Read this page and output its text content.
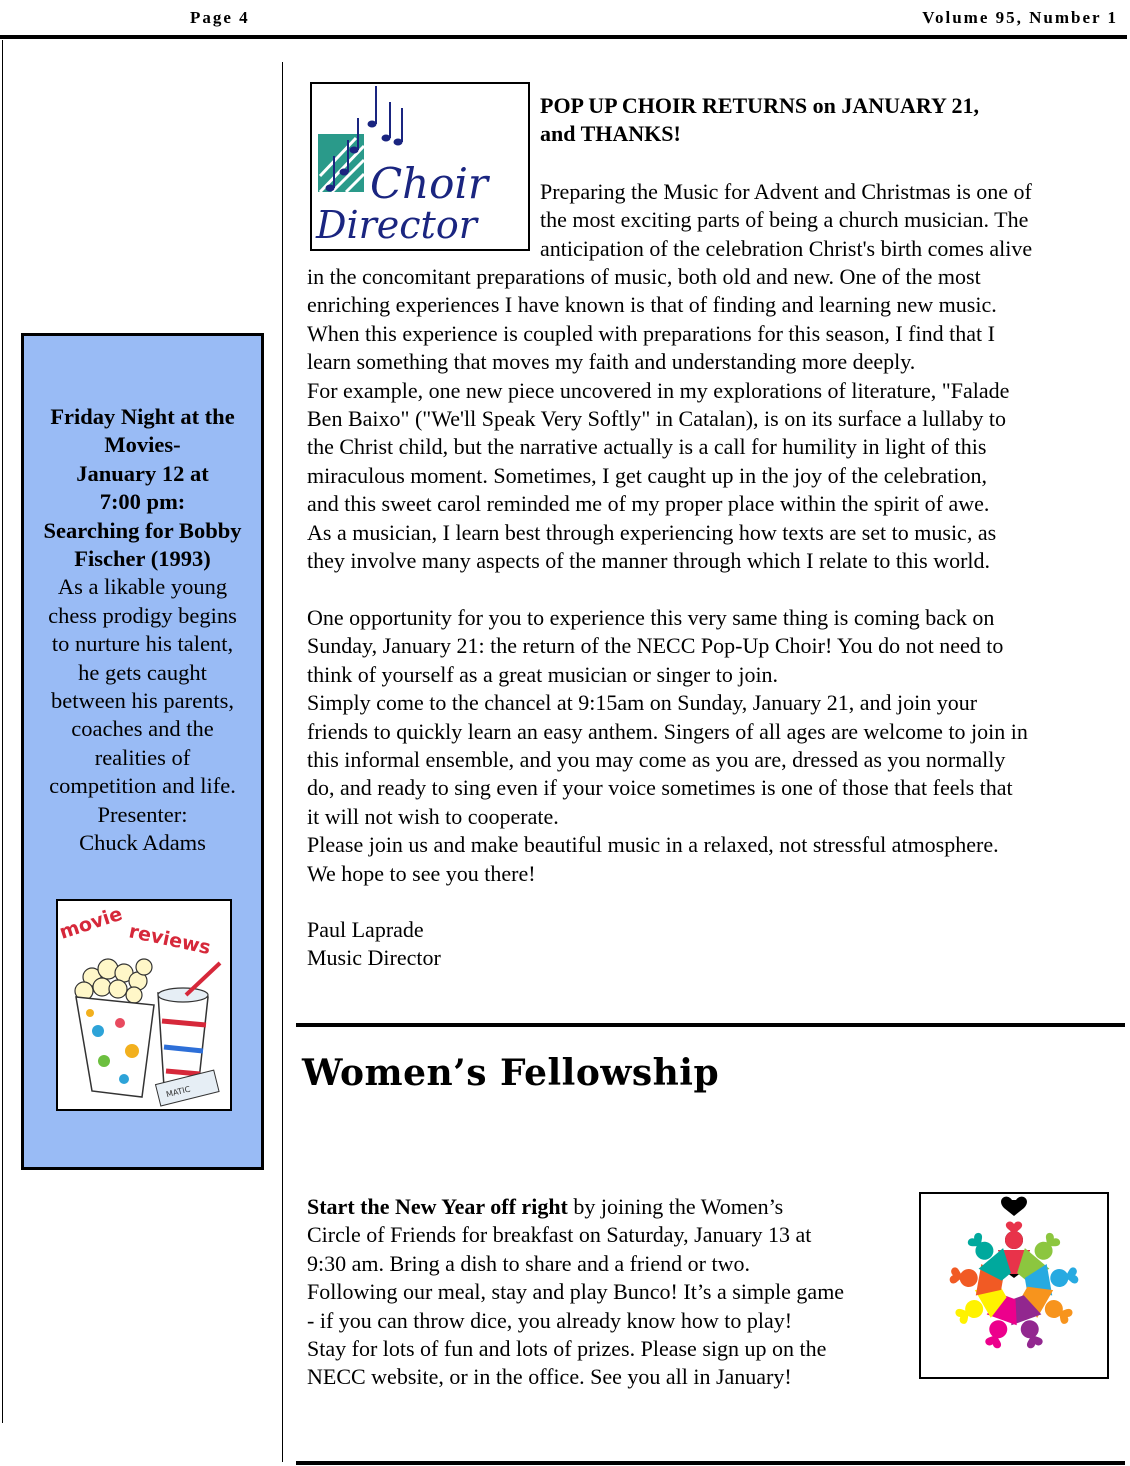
Page 4	Volume 95, Number 1
Friday Night at the
Movies-
January 12 at
7:00 pm:
Searching for Bobby
Fischer (1993)
As a likable young
chess prodigy begins
to nurture his talent,
he gets caught
between his parents,
coaches and the
realities of
competition and life.
Presenter:
Chuck Adams
movie reviews
MATIC
Choir
Director
POP UP CHOIR RETURNS on JANUARY 21,
and THANKS!
Preparing the Music for Advent and Christmas is one of
the most exciting parts of being a church musician. The
anticipation of the celebration Christ's birth comes alive
in the concomitant preparations of music, both old and new. One of the most
enriching experiences I have known is that of finding and learning new music.
When this experience is coupled with preparations for this season, I find that I
learn something that moves my faith and understanding more deeply.
For example, one new piece uncovered in my explorations of literature, "Falade
Ben Baixo" ("We'll Speak Very Softly" in Catalan), is on its surface a lullaby to
the Christ child, but the narrative actually is a call for humility in light of this
miraculous moment. Sometimes, I get caught up in the joy of the celebration,
and this sweet carol reminded me of my proper place within the spirit of awe.
As a musician, I learn best through experiencing how texts are set to music, as
they involve many aspects of the manner through which I relate to this world.
One opportunity for you to experience this very same thing is coming back on
Sunday, January 21: the return of the NECC Pop-Up Choir! You do not need to
think of yourself as a great musician or singer to join.
Simply come to the chancel at 9:15am on Sunday, January 21, and join your
friends to quickly learn an easy anthem. Singers of all ages are welcome to join in
this informal ensemble, and you may come as you are, dressed as you normally
do, and ready to sing even if your voice sometimes is one of those that feels that
it will not wish to cooperate.
Please join us and make beautiful music in a relaxed, not stressful atmosphere.
We hope to see you there!
Paul Laprade
Music Director
Women’s Fellowship
Start the New Year off right by joining the Women’s
Circle of Friends for breakfast on Saturday, January 13 at
9:30 am. Bring a dish to share and a friend or two.
Following our meal, stay and play Bunco! It’s a simple game
- if you can throw dice, you already know how to play!
Stay for lots of fun and lots of prizes. Please sign up on the
NECC website, or in the office. See you all in January!
